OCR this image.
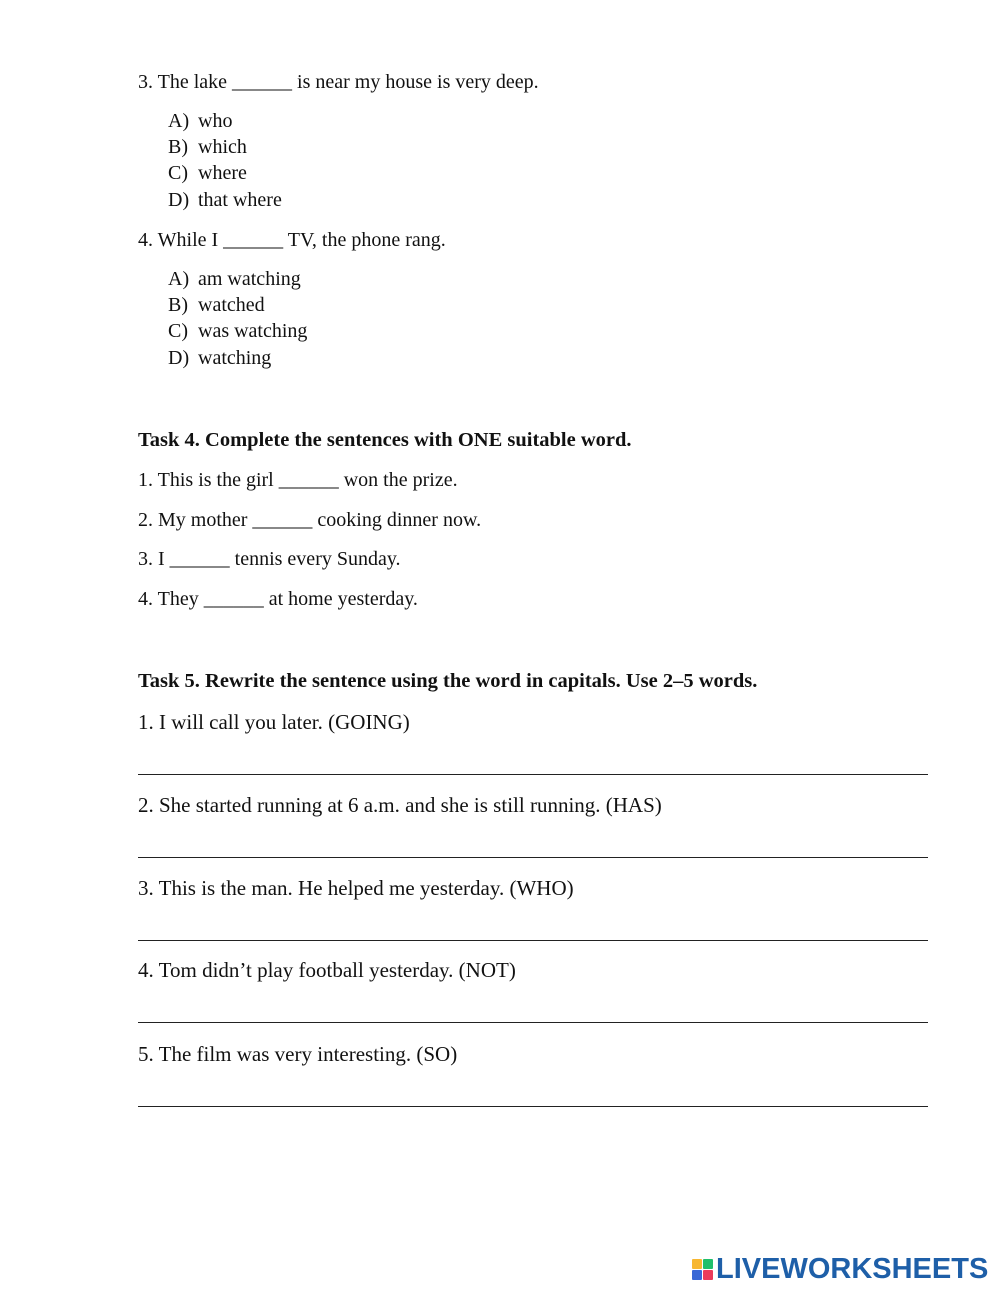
3. The lake ______ is near my house is very deep.
A) who
B) which
C) where
D) that where
4. While I ______ TV, the phone rang.
A) am watching
B) watched
C) was watching
D) watching
Task 4. Complete the sentences with ONE suitable word.
1. This is the girl ______ won the prize.
2. My mother ______ cooking dinner now.
3. I ______ tennis every Sunday.
4. They ______ at home yesterday.
Task 5. Rewrite the sentence using the word in capitals. Use 2–5 words.
1. I will call you later. (GOING)
2. She started running at 6 a.m. and she is still running. (HAS)
3. This is the man. He helped me yesterday. (WHO)
4. Tom didn’t play football yesterday. (NOT)
5. The film was very interesting. (SO)
LIVEWORKSHEETS
